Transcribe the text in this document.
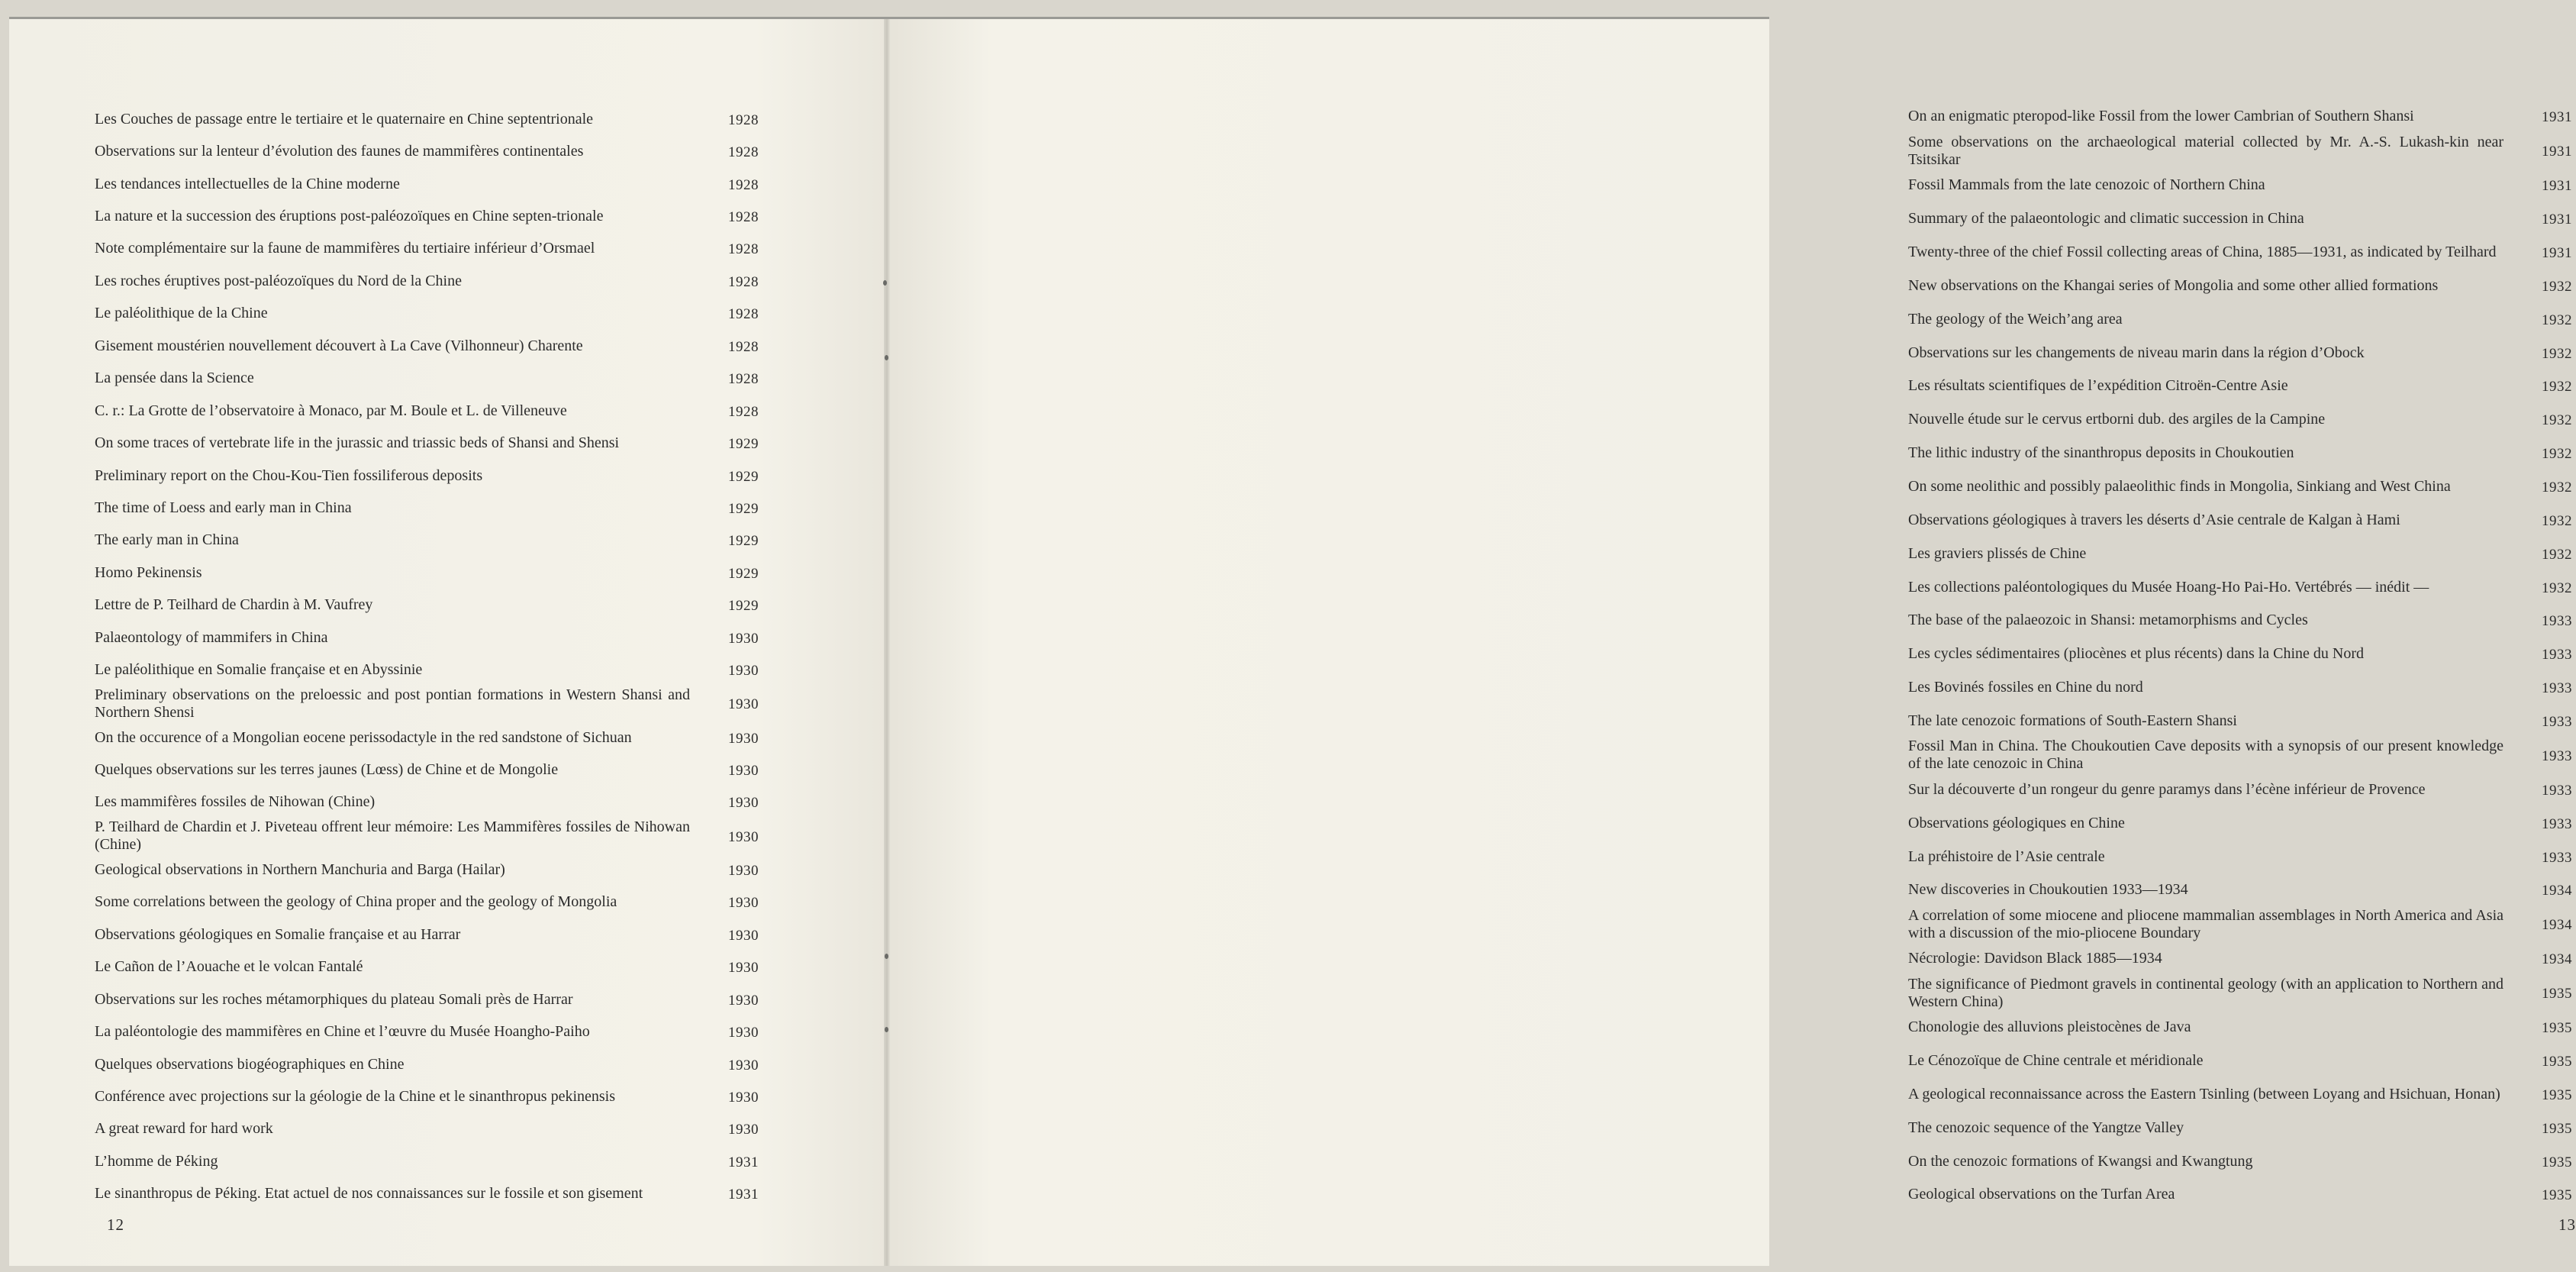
Les Couches de passage entre le tertiaire et le quaternaire en Chine septentrionale	1928
Observations sur la lenteur d’évolution des faunes de mammifères continentales	1928
Les tendances intellectuelles de la Chine moderne	1928
La nature et la succession des éruptions post-paléozoïques en Chine septen-trionale	1928
Note complémentaire sur la faune de mammifères du tertiaire inférieur d’Orsmael	1928
Les roches éruptives post-paléozoïques du Nord de la Chine	1928
Le paléolithique de la Chine	1928
Gisement moustérien nouvellement découvert à La Cave (Vilhonneur) Charente	1928
La pensée dans la Science	1928
C. r.: La Grotte de l’observatoire à Monaco, par M. Boule et L. de Villeneuve	1928
On some traces of vertebrate life in the jurassic and triassic beds of Shansi and Shensi	1929
Preliminary report on the Chou-Kou-Tien fossiliferous deposits	1929
The time of Loess and early man in China	1929
The early man in China	1929
Homo Pekinensis	1929
Lettre de P. Teilhard de Chardin à M. Vaufrey	1929
Palaeontology of mammifers in China	1930
Le paléolithique en Somalie française et en Abyssinie	1930
Preliminary observations on the preloessic and post pontian formations in Western Shansi and Northern Shensi	1930
On the occurence of a Mongolian eocene perissodactyle in the red sandstone of Sichuan	1930
Quelques observations sur les terres jaunes (Lœss) de Chine et de Mongolie	1930
Les mammifères fossiles de Nihowan (Chine)	1930
P. Teilhard de Chardin et J. Piveteau offrent leur mémoire: Les Mammifères fossiles de Nihowan (Chine)	1930
Geological observations in Northern Manchuria and Barga (Hailar)	1930
Some correlations between the geology of China proper and the geology of Mongolia	1930
Observations géologiques en Somalie française et au Harrar	1930
Le Cañon de l’Aouache et le volcan Fantalé	1930
Observations sur les roches métamorphiques du plateau Somali près de Harrar	1930
La paléontologie des mammifères en Chine et l’œuvre du Musée Hoangho-Paiho	1930
Quelques observations biogéographiques en Chine	1930
Conférence avec projections sur la géologie de la Chine et le sinanthropus pekinensis	1930
A great reward for hard work	1930
L’homme de Péking	1931
Le sinanthropus de Péking. Etat actuel de nos connaissances sur le fossile et son gisement	1931
12
On an enigmatic pteropod-like Fossil from the lower Cambrian of Southern Shansi	1931
Some observations on the archaeological material collected by Mr. A.-S. Lukash-kin near Tsitsikar	1931
Fossil Mammals from the late cenozoic of Northern China	1931
Summary of the palaeontologic and climatic succession in China	1931
Twenty-three of the chief Fossil collecting areas of China, 1885—1931, as indicated by Teilhard	1931
New observations on the Khangai series of Mongolia and some other allied formations	1932
The geology of the Weich’ang area	1932
Observations sur les changements de niveau marin dans la région d’Obock	1932
Les résultats scientifiques de l’expédition Citroën-Centre Asie	1932
Nouvelle étude sur le cervus ertborni dub. des argiles de la Campine	1932
The lithic industry of the sinanthropus deposits in Choukoutien	1932
On some neolithic and possibly palaeolithic finds in Mongolia, Sinkiang and West China	1932
Observations géologiques à travers les déserts d’Asie centrale de Kalgan à Hami	1932
Les graviers plissés de Chine	1932
Les collections paléontologiques du Musée Hoang-Ho Pai-Ho. Vertébrés — inédit —	1932
The base of the palaeozoic in Shansi: metamorphisms and Cycles	1933
Les cycles sédimentaires (pliocènes et plus récents) dans la Chine du Nord	1933
Les Bovinés fossiles en Chine du nord	1933
The late cenozoic formations of South-Eastern Shansi	1933
Fossil Man in China. The Choukoutien Cave deposits with a synopsis of our present knowledge of the late cenozoic in China	1933
Sur la découverte d’un rongeur du genre paramys dans l’écène inférieur de Provence	1933
Observations géologiques en Chine	1933
La préhistoire de l’Asie centrale	1933
New discoveries in Choukoutien 1933—1934	1934
A correlation of some miocene and pliocene mammalian assemblages in North America and Asia with a discussion of the mio-pliocene Boundary	1934
Nécrologie: Davidson Black 1885—1934	1934
The significance of Piedmont gravels in continental geology (with an application to Northern and Western China)	1935
Chonologie des alluvions pleistocènes de Java	1935
Le Cénozoïque de Chine centrale et méridionale	1935
A geological reconnaissance across the Eastern Tsinling (between Loyang and Hsichuan, Honan)	1935
The cenozoic sequence of the Yangtze Valley	1935
On the cenozoic formations of Kwangsi and Kwangtung	1935
Geological observations on the Turfan Area	1935
13
